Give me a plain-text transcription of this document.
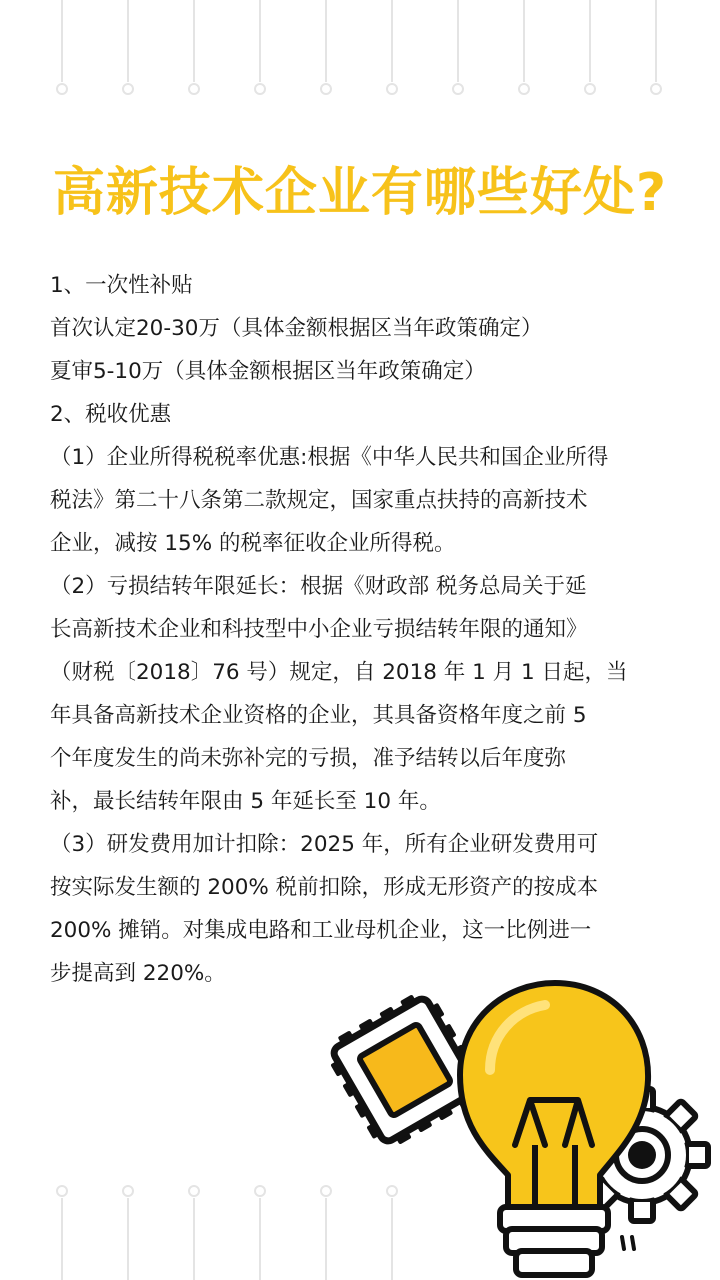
高新技术企业有哪些好处?
1、一次性补贴
首次认定20-30万（具体金额根据区当年政策确定）
夏审5-10万（具体金额根据区当年政策确定）
2、税收优惠
（1）企业所得税税率优惠:根据《中华人民共和国企业所得
税法》第二十八条第二款规定，国家重点扶持的高新技术
企业，减按 15% 的税率征收企业所得税。
（2）亏损结转年限延长：根据《财政部 税务总局关于延
长高新技术企业和科技型中小企业亏损结转年限的通知》
（财税〔2018〕76 号）规定，自 2018 年 1 月 1 日起，当
年具备高新技术企业资格的企业，其具备资格年度之前 5
个年度发生的尚未弥补完的亏损，准予结转以后年度弥
补，最长结转年限由 5 年延长至 10 年。
（3）研发费用加计扣除：2025 年，所有企业研发费用可
按实际发生额的 200% 税前扣除，形成无形资产的按成本
200% 摊销。对集成电路和工业母机企业，这一比例进一
步提高到 220%。
